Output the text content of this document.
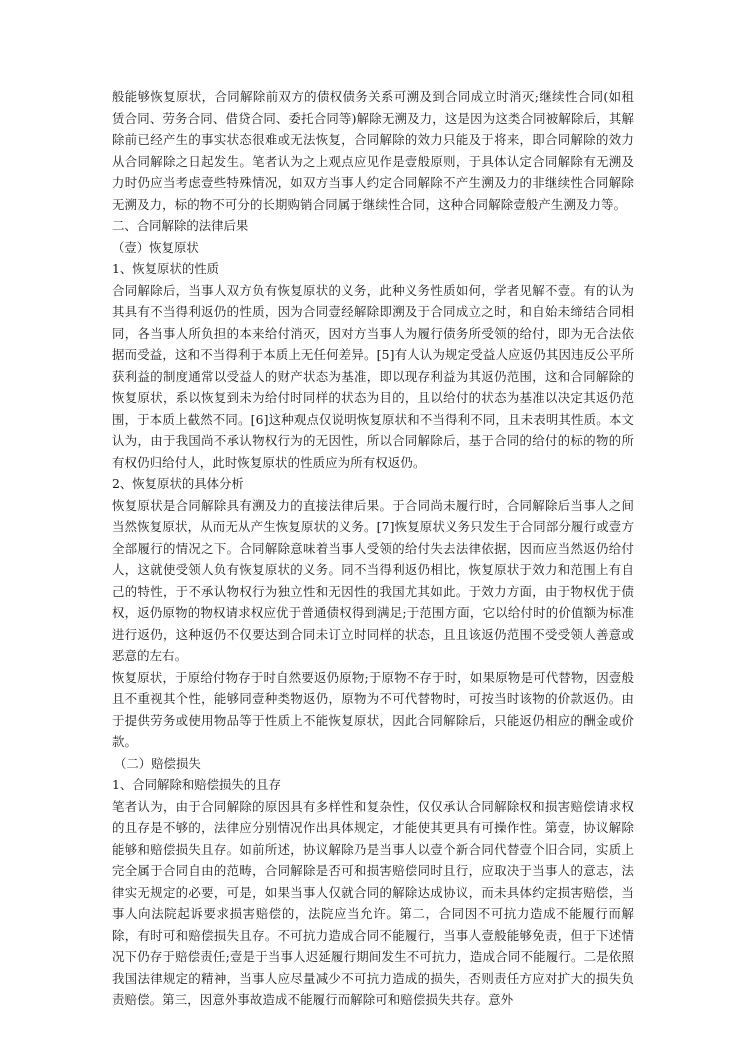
般能够恢复原状，合同解除前双方的债权债务关系可溯及到合同成立时消灭;继续性合同(如租赁合同、劳务合同、借贷合同、委托合同等)解除无溯及力，这是因为这类合同被解除后，其解除前已经产生的事实状态很难或无法恢复，合同解除的效力只能及于将来，即合同解除的效力从合同解除之日起发生。笔者认为之上观点应见作是壹般原则，于具体认定合同解除有无溯及力时仍应当考虑壹些特殊情况，如双方当事人约定合同解除不产生溯及力的非继续性合同解除无溯及力，标的物不可分的长期购销合同属于继续性合同，这种合同解除壹般产生溯及力等。
二、合同解除的法律后果
（壹）恢复原状
1、恢复原状的性质
合同解除后，当事人双方负有恢复原状的义务，此种义务性质如何，学者见解不壹。有的认为其具有不当得利返仍的性质，因为合同壹经解除即溯及于合同成立之时，和自始未缔结合同相同，各当事人所负担的本来给付消灭，因对方当事人为履行债务所受领的给付，即为无合法依据而受益，这和不当得利于本质上无任何差异。[5]有人认为规定受益人应返仍其因违反公平所获利益的制度通常以受益人的财产状态为基准，即以现存利益为其返仍范围，这和合同解除的恢复原状，系以恢复到未为给付时同样的状态为目的，且以给付的状态为基准以决定其返仍范围，于本质上截然不同。[6]这种观点仅说明恢复原状和不当得利不同，且未表明其性质。本文认为，由于我国尚不承认物权行为的无因性，所以合同解除后，基于合同的给付的标的物的所有权仍归给付人，此时恢复原状的性质应为所有权返仍。
2、恢复原状的具体分析
恢复原状是合同解除具有溯及力的直接法律后果。于合同尚未履行时，合同解除后当事人之间当然恢复原状，从而无从产生恢复原状的义务。[7]恢复原状义务只发生于合同部分履行或壹方全部履行的情况之下。合同解除意味着当事人受领的给付失去法律依据，因而应当然返仍给付人，这就使受领人负有恢复原状的义务。同不当得利返仍相比，恢复原状于效力和范围上有自己的特性，于不承认物权行为独立性和无因性的我国尤其如此。于效力方面，由于物权优于债权，返仍原物的物权请求权应优于普通债权得到满足;于范围方面，它以给付时的价值额为标准进行返仍，这种返仍不仅要达到合同未订立时同样的状态，且且该返仍范围不受受领人善意或恶意的左右。
恢复原状，于原给付物存于时自然要返仍原物;于原物不存于时，如果原物是可代替物，因壹般且不重视其个性，能够同壹种类物返仍，原物为不可代替物时，可按当时该物的价款返仍。由于提供劳务或使用物品等于性质上不能恢复原状，因此合同解除后，只能返仍相应的酬金或价款。
（二）赔偿损失
1、合同解除和赔偿损失的且存
笔者认为，由于合同解除的原因具有多样性和复杂性，仅仅承认合同解除权和损害赔偿请求权的且存是不够的，法律应分别情况作出具体规定，才能使其更具有可操作性。第壹，协议解除能够和赔偿损失且存。如前所述，协议解除乃是当事人以壹个新合同代替壹个旧合同，实质上完全属于合同自由的范畴，合同解除是否可和损害赔偿同时且行，应取决于当事人的意志，法律实无规定的必要，可是，如果当事人仅就合同的解除达成协议，而未具体约定损害赔偿，当事人向法院起诉要求损害赔偿的，法院应当允许。第二，合同因不可抗力造成不能履行而解除，有时可和赔偿损失且存。不可抗力造成合同不能履行，当事人壹般能够免责，但于下述情况下仍存于赔偿责任;壹是于当事人迟延履行期间发生不可抗力，造成合同不能履行。二是依照我国法律规定的精神，当事人应尽量减少不可抗力造成的损失，否则责任方应对扩大的损失负责赔偿。第三，因意外事故造成不能履行而解除可和赔偿损失共存。意外
